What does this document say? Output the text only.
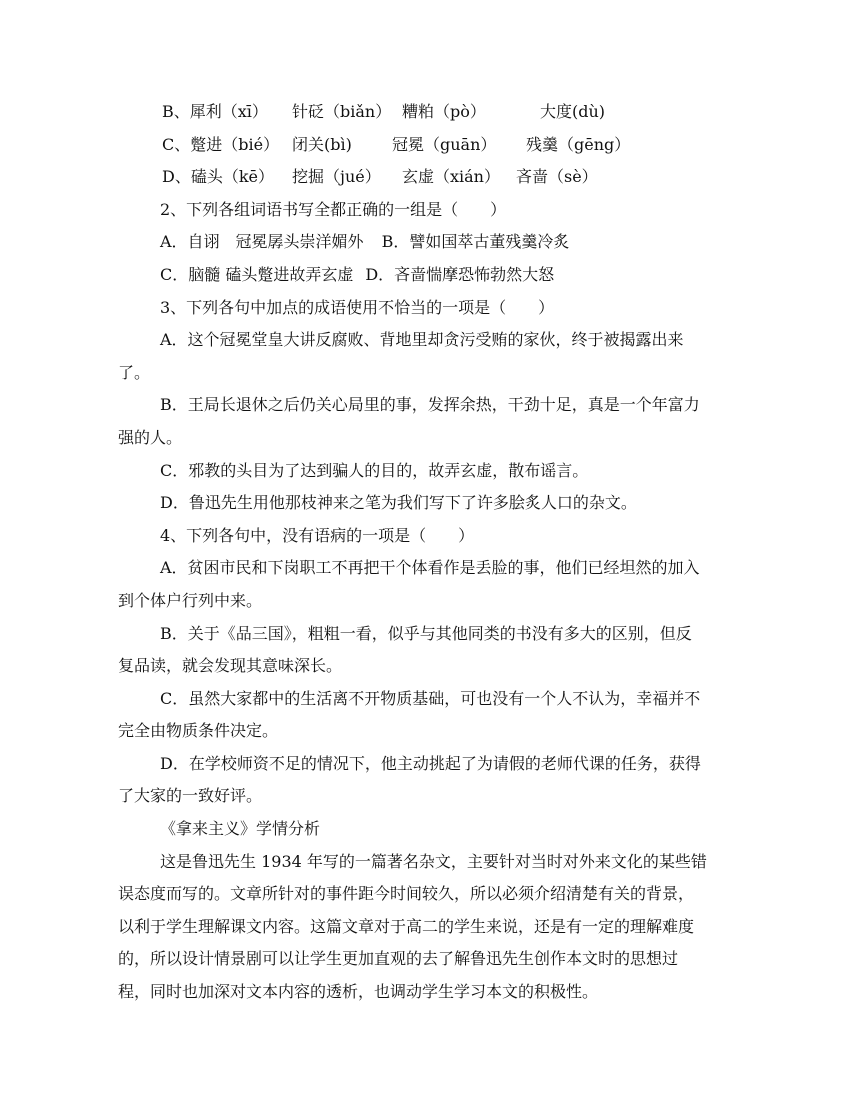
B、犀利（xī）	针砭（biǎn） 糟粕（pò）	大度(dù)
C、蹩进（bié） 闭关(bì)	冠冕（guān）	残羹（gēng）
D、磕头（kē）	挖掘（jué）	玄虚（xián）	吝啬（sè）
2、下列各组词语书写全都正确的一组是（　　）
A．自诩　冠冕孱头崇洋媚外 B．譬如国萃古董残羹冷炙
C．脑髓 磕头蹩进故弄玄虚 D．吝啬惴摩恐怖勃然大怒
3、下列各句中加点的成语使用不恰当的一项是（　　）
A．这个冠冕堂皇大讲反腐败、背地里却贪污受贿的家伙，终于被揭露出来
了。
B．王局长退休之后仍关心局里的事，发挥余热，干劲十足，真是一个年富力
强的人。
C．邪教的头目为了达到骗人的目的，故弄玄虚，散布谣言。
D．鲁迅先生用他那枝神来之笔为我们写下了许多脍炙人口的杂文。
4、下列各句中，没有语病的一项是（　　）
A．贫困市民和下岗职工不再把干个体看作是丢脸的事，他们已经坦然的加入
到个体户行列中来。
B．关于《品三国》，粗粗一看，似乎与其他同类的书没有多大的区别，但反
复品读，就会发现其意味深长。
C．虽然大家都中的生活离不开物质基础，可也没有一个人不认为，幸福并不
完全由物质条件决定。
D．在学校师资不足的情况下，他主动挑起了为请假的老师代课的任务，获得
了大家的一致好评。
《拿来主义》学情分析
这是鲁迅先生 1934 年写的一篇著名杂文，主要针对当时对外来文化的某些错
误态度而写的。文章所针对的事件距今时间较久，所以必须介绍清楚有关的背景，
以利于学生理解课文内容。这篇文章对于高二的学生来说，还是有一定的理解难度
的，所以设计情景剧可以让学生更加直观的去了解鲁迅先生创作本文时的思想过
程，同时也加深对文本内容的透析，也调动学生学习本文的积极性。
